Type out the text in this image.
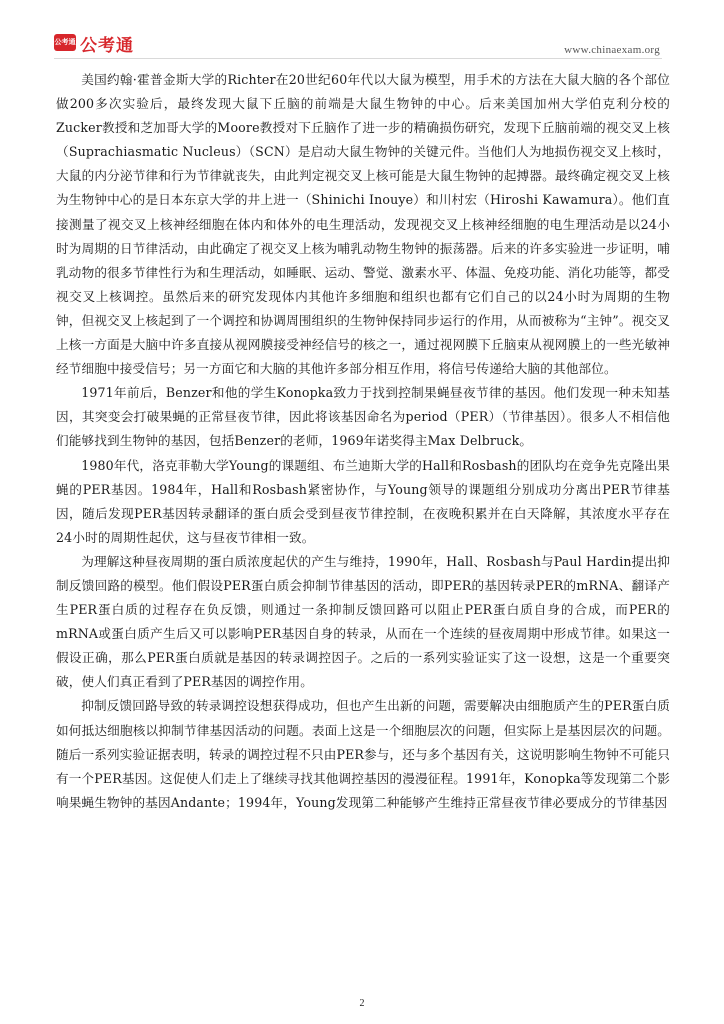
公考通 公考通	www.chinaexam.org

美国约翰·霍普金斯大学的Richter在20世纪60年代以大鼠为模型，用手术的方法在大鼠大脑的各个部位做200多次实验后，最终发现大鼠下丘脑的前端是大鼠生物钟的中心。后来美国加州大学伯克利分校的Zucker教授和芝加哥大学的Moore教授对下丘脑作了进一步的精确损伤研究，发现下丘脑前端的视交叉上核（Suprachiasmatic Nucleus）（SCN）是启动大鼠生物钟的关键元件。当他们人为地损伤视交叉上核时，大鼠的内分泌节律和行为节律就丧失，由此判定视交叉上核可能是大鼠生物钟的起搏器。最终确定视交叉上核为生物钟中心的是日本东京大学的井上进一（Shinichi Inouye）和川村宏（Hiroshi Kawamura）。他们直接测量了视交叉上核神经细胞在体内和体外的电生理活动，发现视交叉上核神经细胞的电生理活动是以24小时为周期的日节律活动，由此确定了视交叉上核为哺乳动物生物钟的振荡器。后来的许多实验进一步证明，哺乳动物的很多节律性行为和生理活动，如睡眠、运动、警觉、激素水平、体温、免疫功能、消化功能等，都受视交叉上核调控。虽然后来的研究发现体内其他许多细胞和组织也都有它们自己的以24小时为周期的生物钟，但视交叉上核起到了一个调控和协调周围组织的生物钟保持同步运行的作用，从而被称为“主钟”。视交叉上核一方面是大脑中许多直接从视网膜接受神经信号的核之一，通过视网膜下丘脑束从视网膜上的一些光敏神经节细胞中接受信号；另一方面它和大脑的其他许多部分相互作用，将信号传递给大脑的其他部位。

1971年前后，Benzer和他的学生Konopka致力于找到控制果蝇昼夜节律的基因。他们发现一种未知基因，其突变会打破果蝇的正常昼夜节律，因此将该基因命名为period（PER）（节律基因）。很多人不相信他们能够找到生物钟的基因，包括Benzer的老师，1969年诺奖得主Max Delbruck。

1980年代，洛克菲勒大学Young的课题组、布兰迪斯大学的Hall和Rosbash的团队均在竞争先克隆出果蝇的PER基因。1984年，Hall和Rosbash紧密协作，与Young领导的课题组分别成功分离出PER节律基因，随后发现PER基因转录翻译的蛋白质会受到昼夜节律控制，在夜晚积累并在白天降解，其浓度水平存在24小时的周期性起伏，这与昼夜节律相一致。

为理解这种昼夜周期的蛋白质浓度起伏的产生与维持，1990年，Hall、Rosbash与Paul Hardin提出抑制反馈回路的模型。他们假设PER蛋白质会抑制节律基因的活动，即PER的基因转录PER的mRNA、翻译产生PER蛋白质的过程存在负反馈，则通过一条抑制反馈回路可以阻止PER蛋白质自身的合成，而PER的mRNA或蛋白质产生后又可以影响PER基因自身的转录，从而在一个连续的昼夜周期中形成节律。如果这一假设正确，那么PER蛋白质就是基因的转录调控因子。之后的一系列实验证实了这一设想，这是一个重要突破，使人们真正看到了PER基因的调控作用。

抑制反馈回路导致的转录调控设想获得成功，但也产生出新的问题，需要解决由细胞质产生的PER蛋白质如何抵达细胞核以抑制节律基因活动的问题。表面上这是一个细胞层次的问题，但实际上是基因层次的问题。随后一系列实验证据表明，转录的调控过程不只由PER参与，还与多个基因有关，这说明影响生物钟不可能只有一个PER基因。这促使人们走上了继续寻找其他调控基因的漫漫征程。1991年，Konopka等发现第二个影响果蝇生物钟的基因Andante；1994年，Young发现第二种能够产生维持正常昼夜节律必要成分的节律基因

2
